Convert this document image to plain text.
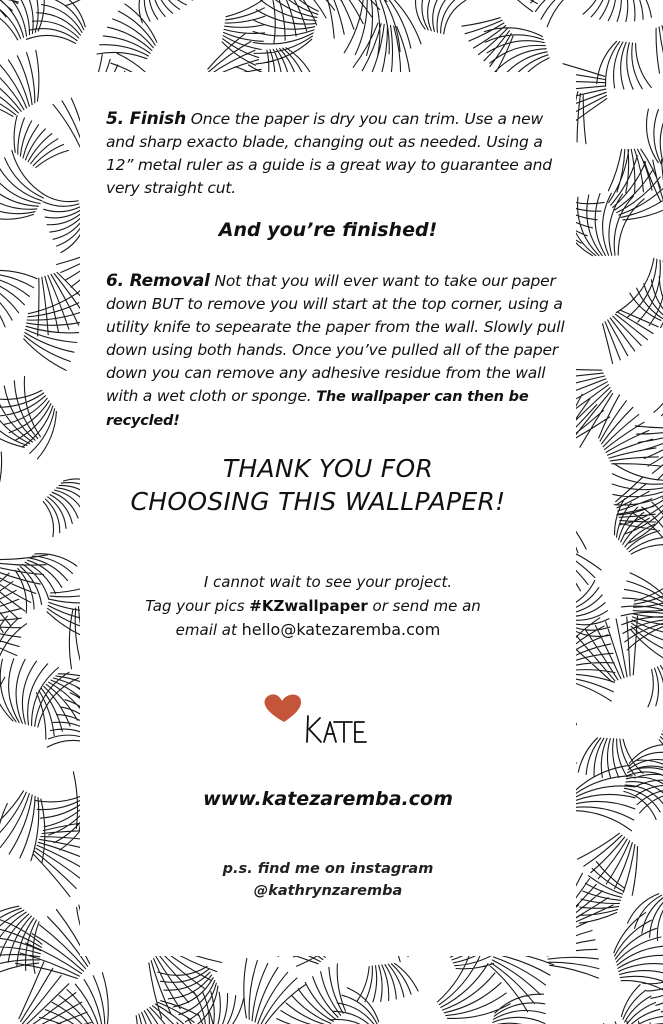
5. Finish Once the paper is dry you can trim. Use a new and sharp exacto blade, changing out as needed. Using a 12” metal ruler as a guide is a great way to guarantee and very straight cut.
And you’re finished!
6. Removal Not that you will ever want to take our paper down BUT to remove you will start at the top corner, using a utility knife to sepearate the paper from the wall. Slowly pull down using both hands. Once you’ve pulled all of the paper down you can remove any adhesive residue from the wall with a wet cloth or sponge. The wallpaper can then be recycled!
THANK YOU FOR
CHOOSING THIS WALLPAPER!
I cannot wait to see your project.
Tag your pics #KZwallpaper or send me an
email at hello@katezaremba.com
www.katezaremba.com
p.s. find me on instagram
@kathrynzaremba
